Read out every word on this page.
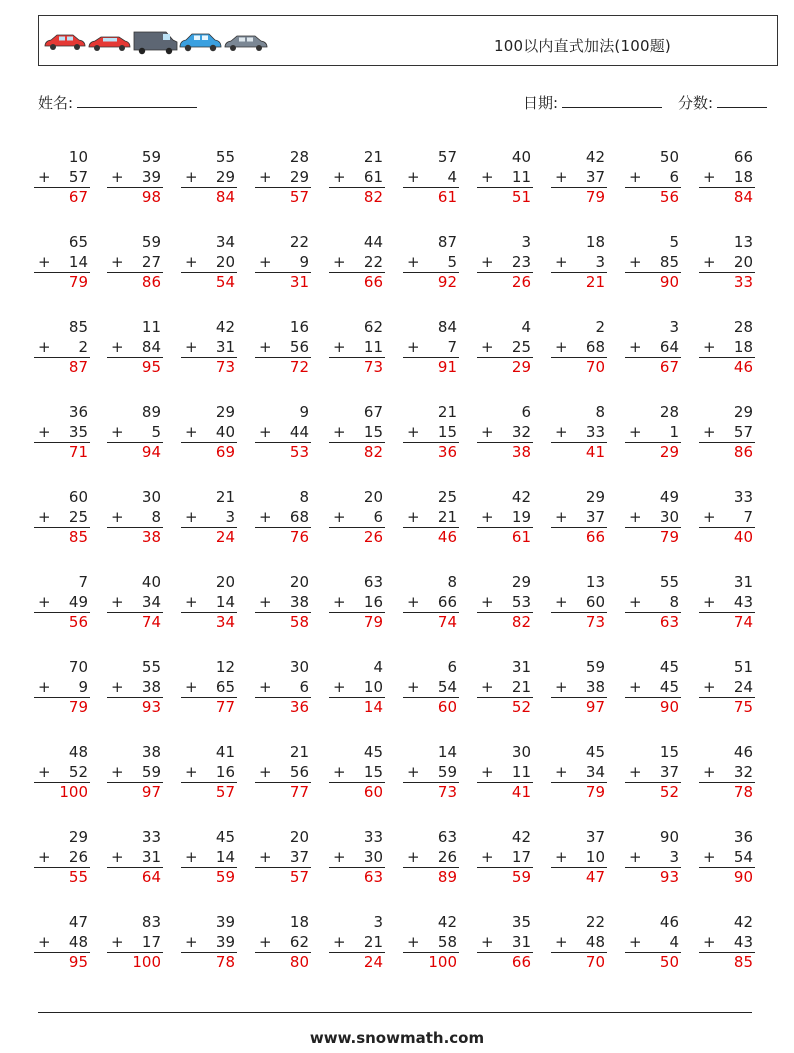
100以内直式加法(100题)
姓名:	日期:	分数:
10
+ 57
67
59
+ 39
98
55
+ 29
84
28
+ 29
57
21
+ 61
82
57
+ 4
61
40
+ 11
51
42
+ 37
79
50
+ 6
56
66
+ 18
84
65
+ 14
79
59
+ 27
86
34
+ 20
54
22
+ 9
31
44
+ 22
66
87
+ 5
92
3
+ 23
26
18
+ 3
21
5
+ 85
90
13
+ 20
33
85
+ 2
87
11
+ 84
95
42
+ 31
73
16
+ 56
72
62
+ 11
73
84
+ 7
91
4
+ 25
29
2
+ 68
70
3
+ 64
67
28
+ 18
46
36
+ 35
71
89
+ 5
94
29
+ 40
69
9
+ 44
53
67
+ 15
82
21
+ 15
36
6
+ 32
38
8
+ 33
41
28
+ 1
29
29
+ 57
86
60
+ 25
85
30
+ 8
38
21
+ 3
24
8
+ 68
76
20
+ 6
26
25
+ 21
46
42
+ 19
61
29
+ 37
66
49
+ 30
79
33
+ 7
40
7
+ 49
56
40
+ 34
74
20
+ 14
34
20
+ 38
58
63
+ 16
79
8
+ 66
74
29
+ 53
82
13
+ 60
73
55
+ 8
63
31
+ 43
74
70
+ 9
79
55
+ 38
93
12
+ 65
77
30
+ 6
36
4
+ 10
14
6
+ 54
60
31
+ 21
52
59
+ 38
97
45
+ 45
90
51
+ 24
75
48
+ 52
100
38
+ 59
97
41
+ 16
57
21
+ 56
77
45
+ 15
60
14
+ 59
73
30
+ 11
41
45
+ 34
79
15
+ 37
52
46
+ 32
78
29
+ 26
55
33
+ 31
64
45
+ 14
59
20
+ 37
57
33
+ 30
63
63
+ 26
89
42
+ 17
59
37
+ 10
47
90
+ 3
93
36
+ 54
90
47
+ 48
95
83
+ 17
100
39
+ 39
78
18
+ 62
80
3
+ 21
24
42
+ 58
100
35
+ 31
66
22
+ 48
70
46
+ 4
50
42
+ 43
85
www.snowmath.com
